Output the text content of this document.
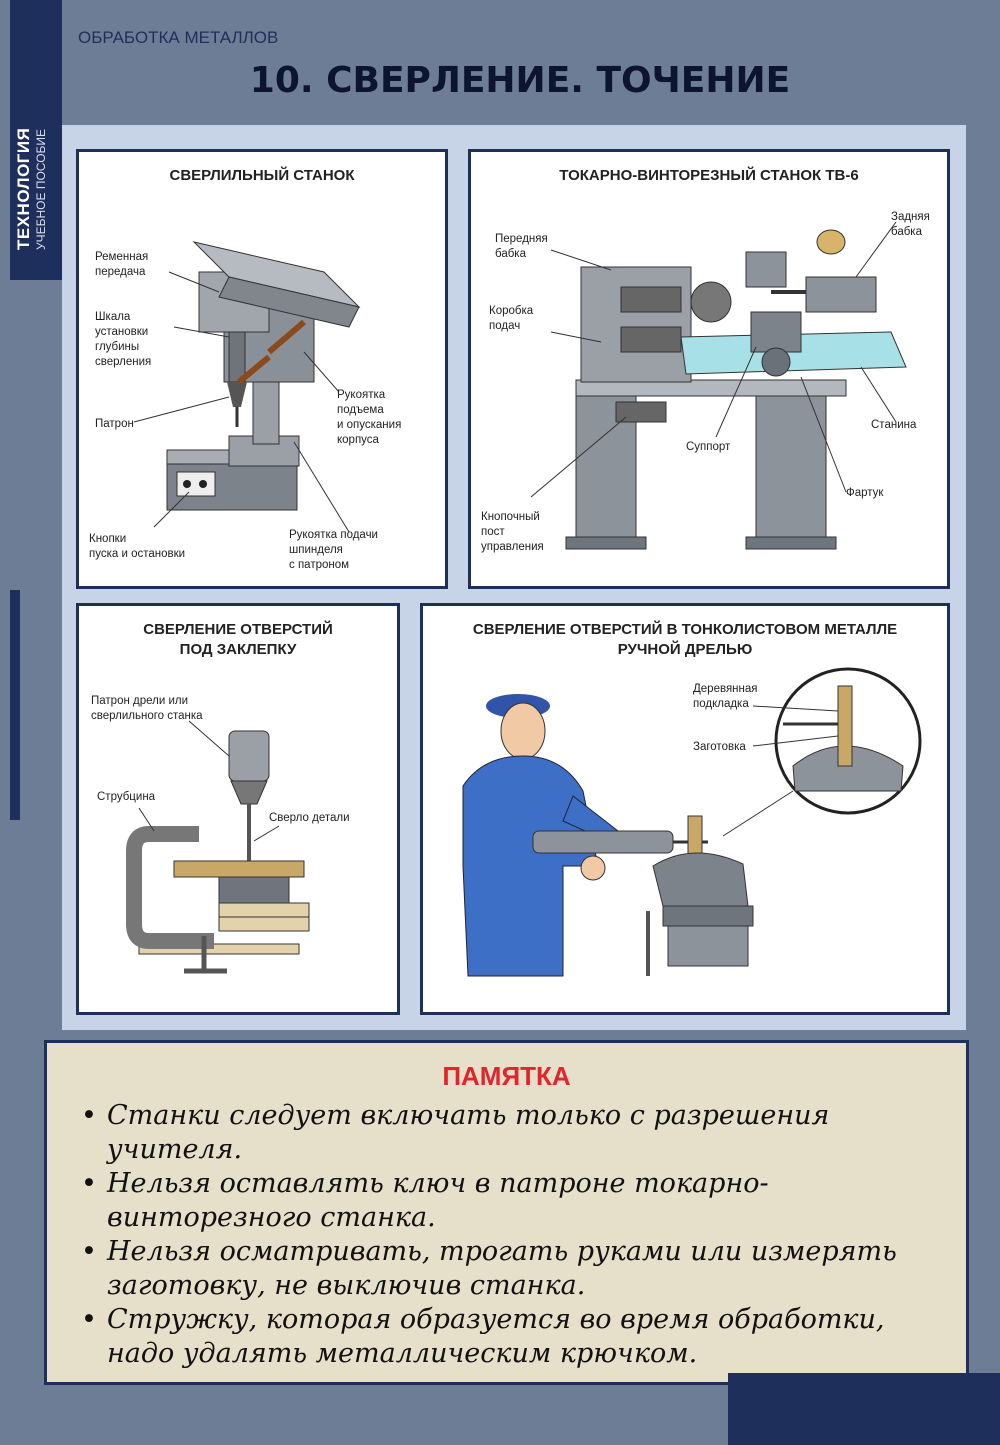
ТЕХНОЛОГИЯ УЧЕБНОЕ ПОСОБИЕ
ОБРАБОТКА МЕТАЛЛОВ
10. СВЕРЛЕНИЕ. ТОЧЕНИЕ
СВЕРЛИЛЬНЫЙ СТАНОК
Ременная
передача
Шкала
установки
глубины
сверления
Патрон
Кнопки
пуска и остановки
Рукоятка
подъема
и опускания
корпуса
Рукоятка подачи
шпинделя
с патроном
ТОКАРНО-ВИНТОРЕЗНЫЙ СТАНОК ТВ-6
Передняя
бабка
Коробка
подач
Задняя
бабка
Станина
Суппорт
Фартук
Кнопочный
пост
управления
СВЕРЛЕНИЕ ОТВЕРСТИЙ
ПОД ЗАКЛЕПКУ
Патрон дрели или
сверлильного станка
Струбцина
Сверло детали
СВЕРЛЕНИЕ ОТВЕРСТИЙ В ТОНКОЛИСТОВОМ МЕТАЛЛЕ
РУЧНОЙ ДРЕЛЬЮ
Деревянная
подкладка
Заготовка
ПАМЯТКА
• Станки следует включать только с разрешения учителя.
• Нельзя оставлять ключ в патроне токарно-винторезного станка.
• Нельзя осматривать, трогать руками или измерять заготовку, не выключив станка.
• Стружку, которая образуется во время обработки, надо удалять металлическим крючком.
